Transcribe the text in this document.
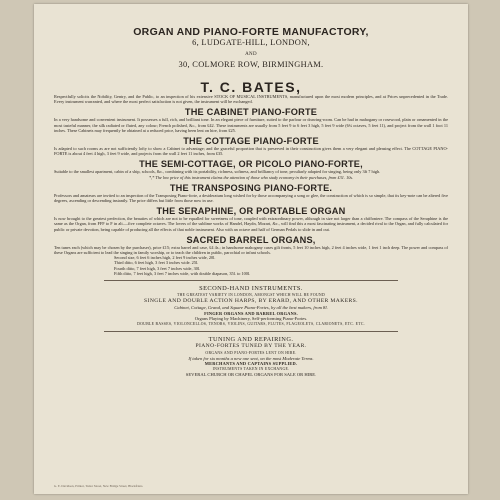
ORGAN AND PIANO-FORTE MANUFACTORY,
6, LUDGATE-HILL, LONDON,
AND
30, COLMORE ROW, BIRMINGHAM.
T. C. BATES,
Respectfully solicits the Nobility, Gentry, and the Public, to an inspection of his extensive STOCK OF MUSICAL INSTRUMENTS, manufactured upon the most modern principles, and at Prices unprecedented in the Trade. Every instrument warranted, and where the most perfect satisfaction is not given, the instrument will be exchanged.
THE CABINET PIANO-FORTE
In a very handsome and convenient instrument. It possesses a full, rich, and brilliant tone. In an elegant piece of furniture, suited to the parlour or drawing-room. Can be had in mahogany or rosewood, plain or ornamented in the most tasteful manner, the silk radiated or fluted, any colour; French polished, &c., from £42. These instruments are usually from 5 feet 9 to 6 feet 3 high, 5 feet 9 wide (6¾ octaves, 5 feet 11), and project from the wall 1 foot 11 inches. These Cabinets may frequently be obtained at a reduced price, having been lent on hire, from £25.
THE COTTAGE PIANO-FORTE
Is adapted to such rooms as are not sufficiently lofty to show a Cabinet to advantage; and the graceful proportion that is preserved in their construction gives them a very elegant and pleasing effect. The COTTAGE PIANO-FORTE is about 4 feet 4 high, 3 feet 9 wide, and projects from the wall 2 feet 11 inches, from £35.
THE SEMI-COTTAGE, OR PICOLO PIANO-FORTE,
Suitable to the smallest apartment, cabin of a ship, schools, &c., combining with its portability, richness, softness, and brilliancy of tone, peculiarly adapted for singing, being only 3ft 7 high.
*,* The low price of this instrument claims the attention of those who study economy in their purchases, from £31. 10s.
THE TRANSPOSING PIANO-FORTE.
Professors and amateurs are invited to an inspection of the Transposing Piano-forte, a desideratum long wished for by those accompanying a song or glee, the construction of which is so simple, that its key-note can be altered five degrees, ascending or descending instantly. The price differs but little from those now in use.
THE SERAPHINE, OR PORTABLE ORGAN
Is now brought to the greatest perfection, the beauties of which are not to be equalled for sweetness of tone, coupled with extraordinary power, although in size not larger than a chiffoniere. The compass of the Seraphine is the same as the Organ, from FFF to F in alt.—five complete octaves. The lovers of the sublime works of Handel, Haydn, Mozart, &c., will find this a most fascinating instrument, a decided rival to the Organ, and fully calculated for public or private devotion, being capable of producing all the effects of that noble instrument. Also with an octave and half of German Pedals to slide in and out.
SACRED BARREL ORGANS,
Ten tunes each (which may be chosen by the purchaser), price £15; extra barrel and case, £4 4s.; in handsome mahogany cases gilt fronts, 5 feet 10 inches high, 2 feet 4 inches wide, 1 feet 1 inch deep. The power and compass of these Organs are sufficient to lead the singing in family worship, or to teach the children in public, parochial or infant schools.
Second size, 6 feet 6 inches high, 2 feet 9 inches wide, 20l.
Third ditto, 6 feet high, 3 feet 3 inches wide. 25l.
Fourth ditto, 7 feet high, 3 feet 7 inches wide, 30l.
Fifth ditto, 7 feet high, 3 feet 7 inches wide, with double diapason, 35l. to 100l.
SECOND-HAND INSTRUMENTS.
THE GREATEST VARIETY IN LONDON, AMONGST WHICH WILL BE FOUND
SINGLE AND DOUBLE ACTION HARPS, BY ERARD, AND OTHER MAKERS.
Cabinet, Cottage, Grand, and Square Piano-Fortes, by all the best makers, from 8l.
FINGER ORGANS AND BARREL ORGANS.
Organs Playing by Machinery, Self-performing Piano-Fortes.
DOUBLE BASSES, VIOLONCELLOS, TENORS, VIOLINS, GUITARS, FLUTES, FLAGEOLETS, CLARIONETS, ETC. ETC.
TUNING AND REPAIRING.
PIANO-FORTES TUNED BY THE YEAR.
ORGANS AND PIANO-FORTES LENT ON HIRE.
If taken for six months a new one sent, on the most Moderate Terms.
MERCHANTS AND CAPTAINS SUPPLIED.
INSTRUMENTS TAKEN IN EXCHANGE.
SEVERAL CHURCH OR CHAPEL ORGANS FOR SALE OR HIRE.
G. E. Davidson, Printer, Tudor Street, New Bridge Street, Blackfriars.
